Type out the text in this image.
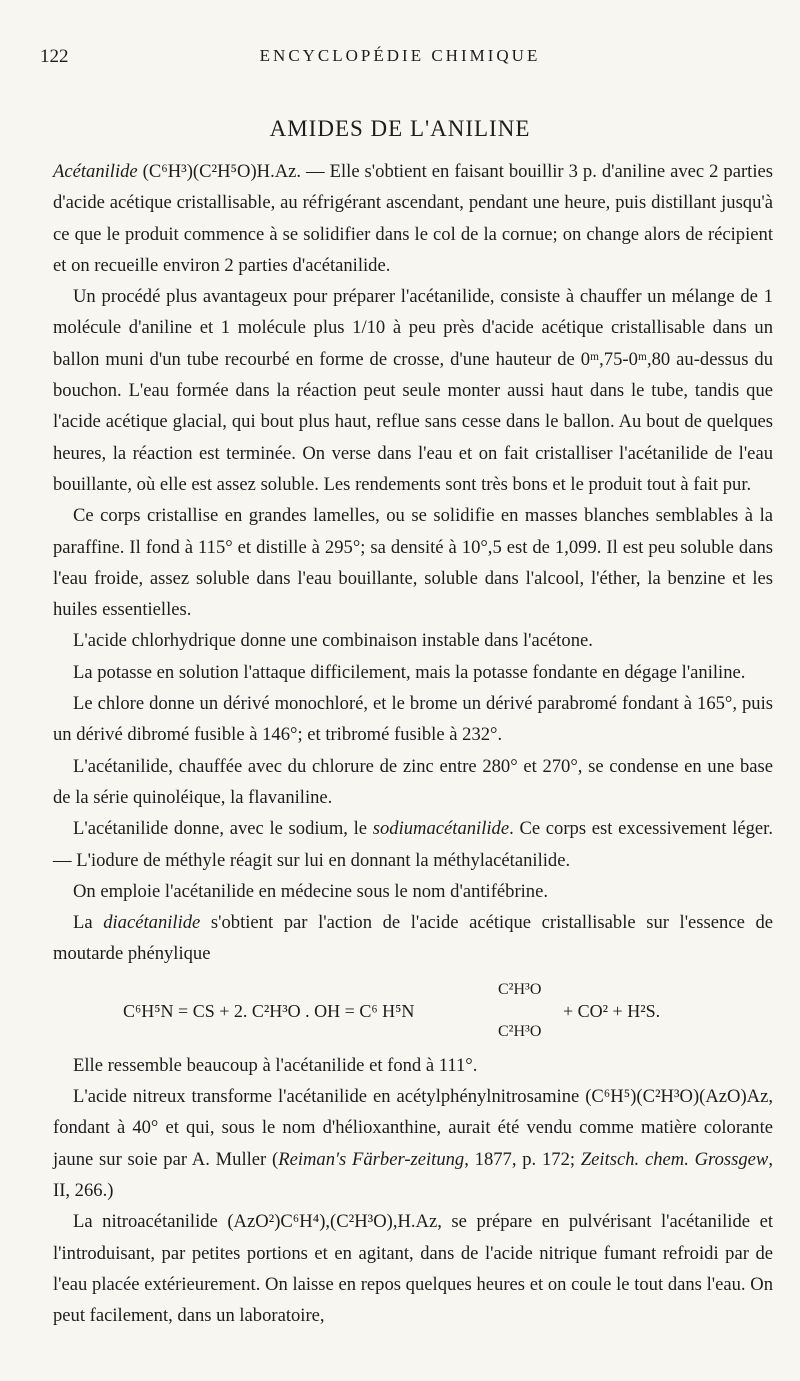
122	ENCYCLOPÉDIE CHIMIQUE
AMIDES DE L'ANILINE

Acétanilide (C⁶H³)(C²H⁵O)H.Az. — Elle s'obtient en faisant bouillir 3 p. d'aniline avec 2 parties d'acide acétique cristallisable, au réfrigérant ascendant, pendant une heure, puis distillant jusqu'à ce que le produit commence à se solidifier dans le col de la cornue; on change alors de récipient et on recueille environ 2 parties d'acétanilide.

Un procédé plus avantageux pour préparer l'acétanilide, consiste à chauffer un mélange de 1 molécule d'aniline et 1 molécule plus 1/10 à peu près d'acide acétique cristallisable dans un ballon muni d'un tube recourbé en forme de crosse, d'une hauteur de 0ᵐ,75-0ᵐ,80 au-dessus du bouchon. L'eau formée dans la réaction peut seule monter aussi haut dans le tube, tandis que l'acide acétique glacial, qui bout plus haut, reflue sans cesse dans le ballon. Au bout de quelques heures, la réaction est terminée. On verse dans l'eau et on fait cristalliser l'acétanilide de l'eau bouillante, où elle est assez soluble. Les rendements sont très bons et le produit tout à fait pur.

Ce corps cristallise en grandes lamelles, ou se solidifie en masses blanches semblables à la paraffine. Il fond à 115° et distille à 295°; sa densité à 10°,5 est de 1,099. Il est peu soluble dans l'eau froide, assez soluble dans l'eau bouillante, soluble dans l'alcool, l'éther, la benzine et les huiles essentielles.

L'acide chlorhydrique donne une combinaison instable dans l'acétone.

La potasse en solution l'attaque difficilement, mais la potasse fondante en dégage l'aniline.

Le chlore donne un dérivé monochloré, et le brome un dérivé parabromé fondant à 165°, puis un dérivé dibromé fusible à 146°; et tribromé fusible à 232°.

L'acétanilide, chauffée avec du chlorure de zinc entre 280° et 270°, se condense en une base de la série quinoléique, la flavaniline.

L'acétanilide donne, avec le sodium, le sodiumacétanilide. Ce corps est excessivement léger. — L'iodure de méthyle réagit sur lui en donnant la méthylacétanilide.

On emploie l'acétanilide en médecine sous le nom d'antifébrine.

La diacétanilide s'obtient par l'action de l'acide acétique cristallisable sur l'essence de moutarde phénylique

C⁶H⁵N = CS + 2. C²H³O . OH = C⁶ H⁵N
C²H³O
C²H³O
+ CO² + H²S.

Elle ressemble beaucoup à l'acétanilide et fond à 111°.

L'acide nitreux transforme l'acétanilide en acétylphénylnitrosamine (C⁶H⁵)(C²H³O)(AzO)Az, fondant à 40° et qui, sous le nom d'hélioxanthine, aurait été vendu comme matière colorante jaune sur soie par A. Muller (Reiman's Färber-zeitung, 1877, p. 172; Zeitsch. chem. Grossgew, II, 266.)

La nitroacétanilide (AzO²)C⁶H⁴),(C²H³O),H.Az, se prépare en pulvérisant l'acétanilide et l'introduisant, par petites portions et en agitant, dans de l'acide nitrique fumant refroidi par de l'eau placée extérieurement. On laisse en repos quelques heures et on coule le tout dans l'eau. On peut facilement, dans un laboratoire,
